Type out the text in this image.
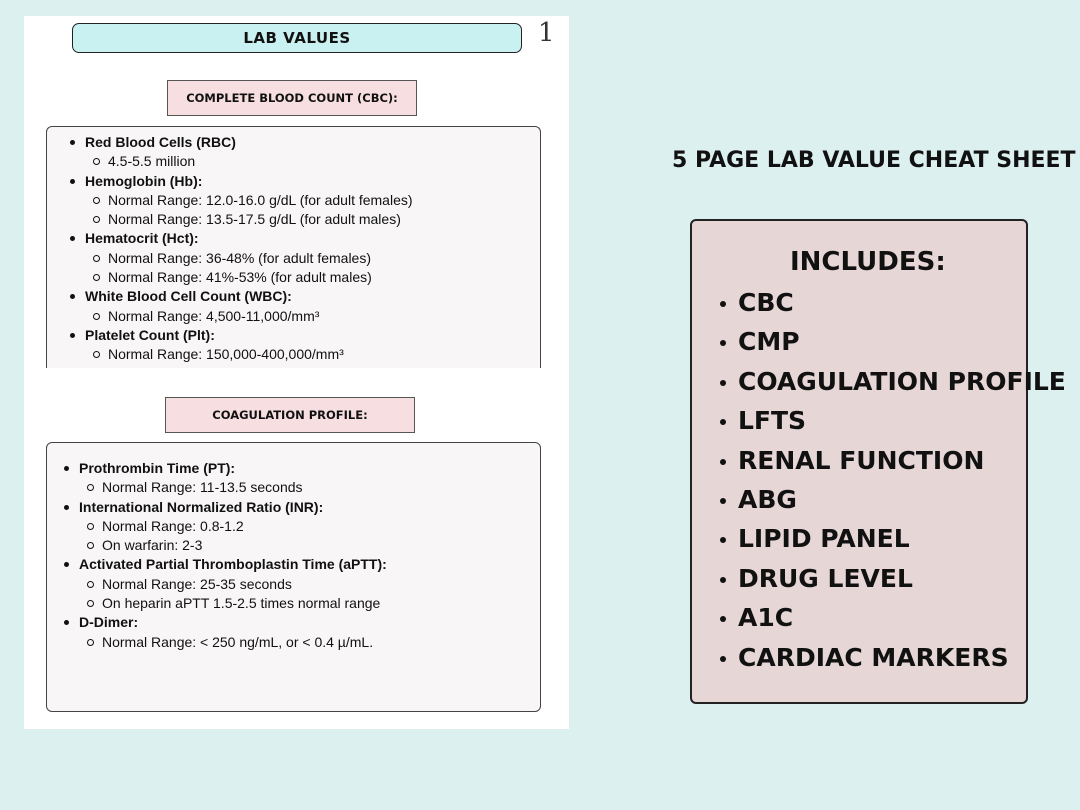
LAB VALUES	1
COMPLETE BLOOD COUNT (CBC):
Red Blood Cells (RBC)
4.5-5.5 million
Hemoglobin (Hb):
Normal Range: 12.0-16.0 g/dL (for adult females)
Normal Range: 13.5-17.5 g/dL (for adult males)
Hematocrit (Hct):
Normal Range: 36-48% (for adult females)
Normal Range: 41%-53% (for adult males)
White Blood Cell Count (WBC):
Normal Range: 4,500-11,000/mm³
Platelet Count (Plt):
Normal Range: 150,000-400,000/mm³
COAGULATION PROFILE:
Prothrombin Time (PT):
Normal Range: 11-13.5 seconds
International Normalized Ratio (INR):
Normal Range: 0.8-1.2
On warfarin: 2-3
Activated Partial Thromboplastin Time (aPTT):
Normal Range: 25-35 seconds
On heparin aPTT 1.5-2.5 times normal range
D-Dimer:
Normal Range: < 250 ng/mL, or < 0.4 µ/mL.
5 PAGE LAB VALUE CHEAT SHEET
INCLUDES:
CBC
CMP
COAGULATION PROFILE
LFTS
RENAL FUNCTION
ABG
LIPID PANEL
DRUG LEVEL
A1C
CARDIAC MARKERS
